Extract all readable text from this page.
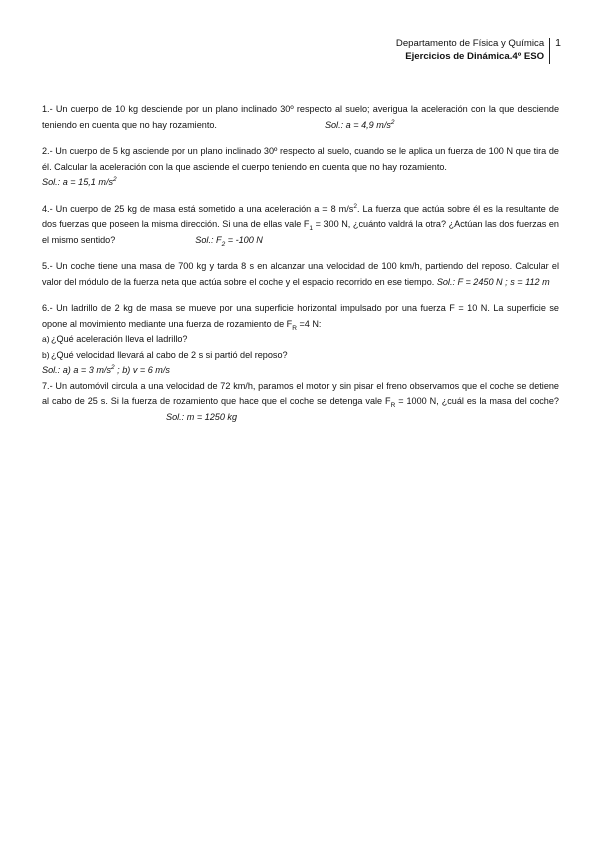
Departamento de Física y Química
Ejercicios de Dinámica.4º ESO
1
1.- Un cuerpo de 10 kg desciende por un plano inclinado 30º respecto al suelo; averigua la aceleración con la que desciende teniendo en cuenta que no hay rozamiento.	Sol.: a = 4,9 $m/s^2$
2.- Un cuerpo de 5 kg asciende por un plano inclinado 30º respecto al suelo, cuando se le aplica un fuerza de 100 N que tira de él. Calcular la aceleración con la que asciende el cuerpo teniendo en cuenta que no hay rozamiento.
Sol.: a = 15,1 $m/s^2$
4.- Un cuerpo de 25 kg de masa está sometido a una aceleración a = 8 $m/s^2$. La fuerza que actúa sobre él es la resultante de dos fuerzas que poseen la misma dirección. Si una de ellas vale $F_1 = 300$ N, ¿cuánto valdrá la otra? ¿Actúan las dos fuerzas en el mismo sentido?	Sol.: $F_2 = -100$ N
5.- Un coche tiene una masa de 700 kg y tarda 8 s en alcanzar una velocidad de 100 km/h, partiendo del reposo. Calcular el valor del módulo de la fuerza neta que actúa sobre el coche y el espacio recorrido en ese tiempo. Sol.: F = 2450 N ; s = 112 m
6.- Un ladrillo de 2 kg de masa se mueve por una superficie horizontal impulsado por una fuerza F = 10 N. La superficie se opone al movimiento mediante una fuerza de rozamiento de $F_R =4$ N:
a)¿Qué aceleración lleva el ladrillo?
b)¿Qué velocidad llevará al cabo de 2 s si partió del reposo?
Sol.: a) a = 3 $m/s^2$ ; b) v = 6 m/s
7.- Un automóvil circula a una velocidad de 72 km/h, paramos el motor y sin pisar el freno observamos que el coche se detiene al cabo de 25 s. Si la fuerza de rozamiento que hace que el coche se detenga vale $F_R = 1000$ N, ¿cuál es la masa del coche?Sol.: m = 1250 kg
